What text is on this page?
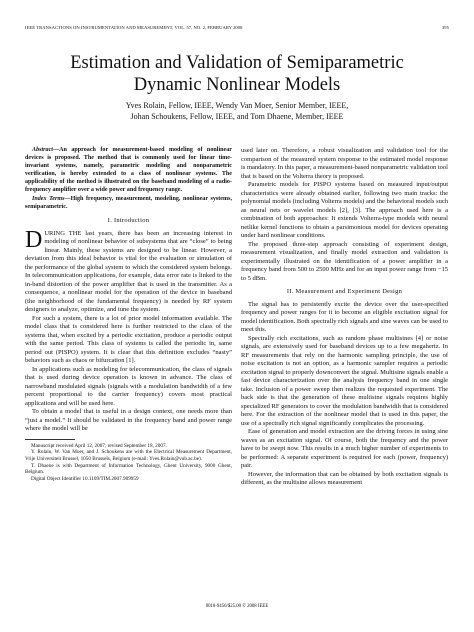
IEEE TRANSACTIONS ON INSTRUMENTATION AND MEASUREMENT, VOL. 57, NO. 2, FEBRUARY 2008	395
Estimation and Validation of Semiparametric
Dynamic Nonlinear Models
Yves Rolain, Fellow, IEEE, Wendy Van Moer, Senior Member, IEEE,
Johan Schoukens, Fellow, IEEE, and Tom Dhaene, Member, IEEE

Abstract—An approach for measurement-based modeling of nonlinear devices is proposed. The method that is commonly used for linear time-invariant systems, namely, parametric modeling and nonparametric verification, is hereby extended to a class of nonlinear systems. The applicability of the method is illustrated on the baseband modeling of a radio-frequency amplifier over a wide power and frequency range.

Index Terms—High frequency, measurement, modeling, nonlinear systems, semiparametric.

I. Introduction

DURING THE last years, there has been an increasing interest in modeling of nonlinear behavior of subsystems that are “close” to being linear. Mainly, these systems are designed to be linear. However, a deviation from this ideal behavior is vital for the evaluation or simulation of the performance of the global system to which the considered system belongs. In telecommunication applications, for example, data error rate is linked to the in-band distortion of the power amplifier that is used in the transmitter. As a consequence, a nonlinear model for the operation of the device in baseband (the neighborhood of the fundamental frequency) is needed by RF system designers to analyze, optimize, and tune the system.

For such a system, there is a lot of prior model information available. The model class that is considered here is further restricted to the class of the systems that, when excited by a periodic excitation, produce a periodic output with the same period. This class of systems is called the periodic in, same period out (PISPO) system. It is clear that this definition excludes “nasty” behaviors such as chaos or bifurcation [1].

In applications such as modeling for telecommunication, the class of signals that is used during device operation is known in advance. The class of narrowband modulated signals (signals with a modulation bandwidth of a few percent proportional to the carrier frequency) covers most practical applications and will be used here.

To obtain a model that is useful in a design context, one needs more than “just a model.” It should be validated in the frequency band and power range where the model will be

Manuscript received April 12, 2007; revised September 18, 2007.

Y. Rolain, W. Van Moer, and J. Schoukens are with the Electrical Measurement Department, Vrije Universiteit Brussel, 1050 Brussels, Belgium (e-mail: Yves.Rolain@vub.ac.be).

T. Dhaene is with Department of Information Technology, Ghent University, 9000 Ghent, Belgium.

Digital Object Identifier 10.1109/TIM.2007.909959

used later on. Therefore, a robust visualization and validation tool for the comparison of the measured system response to the estimated model response is mandatory. In this paper, a measurement-based nonparametric validation tool that is based on the Volterra theory is proposed.

Parametric models for PISPO systems based on measured input/output characteristics were already obtained earlier, following two main tracks: the polynomial models (including Volterra models) and the behavioral models such as neural nets or wavelet models [2], [3]. The approach used here is a combination of both approaches: It extends Volterra-type models with neural netlike kernel functions to obtain a parsimonious model for devices operating under hard nonlinear conditions.

The proposed three-step approach consisting of experiment design, measurement visualization, and finally model extraction and validation is experimentally illustrated on the identification of a power amplifier in a frequency band from 500 to 2500 MHz and for an input power range from −15 to 5 dBm.

II. Measurement and Experiment Design

The signal has to persistently excite the device over the user-specified frequency and power ranges for it to become an eligible excitation signal for model identification. Both spectrally rich signals and sine waves can be used to meet this.

Spectrally rich excitations, such as random phase multisines [4] or noise signals, are extensively used for baseband devices up to a few megahertz. In RF measurements that rely on the harmonic sampling principle, the use of noise excitation is not an option, as a harmonic sampler requires a periodic excitation signal to properly downconvert the signal. Multisine signals enable a fast device characterization over the analysis frequency band in one single take. Inclusion of a power sweep then realizes the requested experiment. The back side is that the generation of these multisine signals requires highly specialized RF generators to cover the modulation bandwidth that is considered here. For the extraction of the nonlinear model that is used in this paper, the use of a spectrally rich signal significantly complicates the processing.

Ease of generation and model extraction are the driving forces in using sine waves as an excitation signal. Of course, both the frequency and the power have to be swept now. This results in a much higher number of experiments to be performed: A separate experiment is required for each (power, frequency) pair.

However, the information that can be obtained by both excitation signals is different, as the multisine allows measurement

0018-9456/$25.00 © 2008 IEEE
